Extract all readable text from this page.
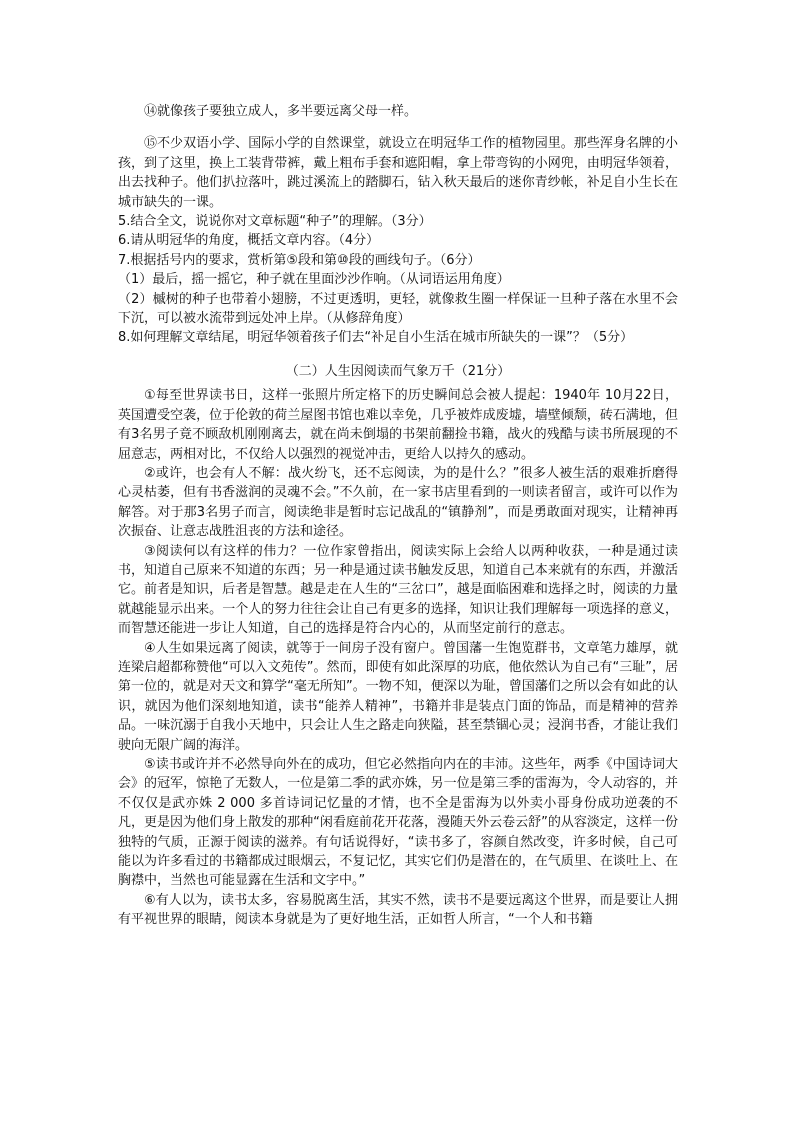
⑭就像孩子要独立成人，多半要远离父母一样。

⑮不少双语小学、国际小学的自然课堂，就设立在明冠华工作的植物园里。那些浑身名牌的小孩，到了这里，换上工装背带裤，戴上粗布手套和遮阳帽，拿上带弯钩的小网兜，由明冠华领着，出去找种子。他们扒拉落叶，跳过溪流上的踏脚石，钻入秋天最后的迷你青纱帐，补足自小生长在城市缺失的一课。

5.结合全文，说说你对文章标题“种子”的理解。（3分）

6.请从明冠华的角度，概括文章内容。（4分）

7.根据括号内的要求，赏析第⑤段和第⑩段的画线句子。（6分）

（1）最后，摇一摇它，种子就在里面沙沙作响。（从词语运用角度）

（2）槭树的种子也带着小翅膀，不过更透明，更轻，就像救生圈一样保证一旦种子落在水里不会下沉，可以被水流带到远处冲上岸。（从修辞角度）

8.如何理解文章结尾，明冠华领着孩子们去“补足自小生活在城市所缺失的一课”？（5分）

（二）人生因阅读而气象万千（21分）

①每至世界读书日，这样一张照片所定格下的历史瞬间总会被人提起：1940年 10月22日，英国遭受空袭，位于伦敦的荷兰屋图书馆也难以幸免，几乎被炸成废墟，墙壁倾颓，砖石满地，但有3名男子竟不顾敌机刚刚离去，就在尚未倒塌的书架前翻捡书籍，战火的残酷与读书所展现的不屈意志，两相对比，不仅给人以强烈的视觉冲击，更给人以持久的感动。

②或许，也会有人不解：战火纷飞，还不忘阅读，为的是什么？”很多人被生活的艰难折磨得心灵枯萎，但有书香滋润的灵魂不会。”不久前，在一家书店里看到的一则读者留言，或许可以作为解答。对于那3名男子而言，阅读绝非是暂时忘记战乱的“镇静剂”，而是勇敢面对现实，让精神再次振奋、让意志战胜沮丧的方法和途径。

③阅读何以有这样的伟力？一位作家曾指出，阅读实际上会给人以两种收获，一种是通过读书，知道自己原来不知道的东西；另一种是通过读书触发反思，知道自己本来就有的东西，并激活它。前者是知识，后者是智慧。越是走在人生的“三岔口”，越是面临困难和选择之时，阅读的力量就越能显示出来。一个人的努力往往会让自己有更多的选择，知识让我们理解每一项选择的意义，而智慧还能进一步让人知道，自己的选择是符合内心的，从而坚定前行的意志。

④人生如果远离了阅读，就等于一间房子没有窗户。曾国藩一生饱览群书，文章笔力雄厚，就连梁启超都称赞他“可以入文苑传”。然而，即使有如此深厚的功底，他依然认为自己有“三耻”，居第一位的，就是对天文和算学“毫无所知”。一物不知，便深以为耻，曾国藩们之所以会有如此的认识，就因为他们深刻地知道，读书“能养人精神”，书籍并非是装点门面的饰品，而是精神的营养品。一味沉溺于自我小天地中，只会让人生之路走向狭隘，甚至禁锢心灵；浸润书香，才能让我们驶向无限广阔的海洋。

⑤读书或许并不必然导向外在的成功，但它必然指向内在的丰沛。这些年，两季《中国诗词大会》的冠军，惊艳了无数人，一位是第二季的武亦姝，另一位是第三季的雷海为，令人动容的，并不仅仅是武亦姝 2 000 多首诗词记忆量的才情，也不全是雷海为以外卖小哥身份成功逆袭的不凡，更是因为他们身上散发的那种“闲看庭前花开花落，漫随天外云卷云舒”的从容淡定，这样一份独特的气质，正源于阅读的滋养。有句话说得好，“读书多了，容颜自然改变，许多时候，自己可能以为许多看过的书籍都成过眼烟云，不复记忆，其实它们仍是潜在的，在气质里、在谈吐上、在胸襟中，当然也可能显露在生活和文字中。”

⑥有人以为，读书太多，容易脱离生活，其实不然，读书不是要远离这个世界，而是要让人拥有平视世界的眼睛，阅读本身就是为了更好地生活，正如哲人所言，“一个人和书籍
